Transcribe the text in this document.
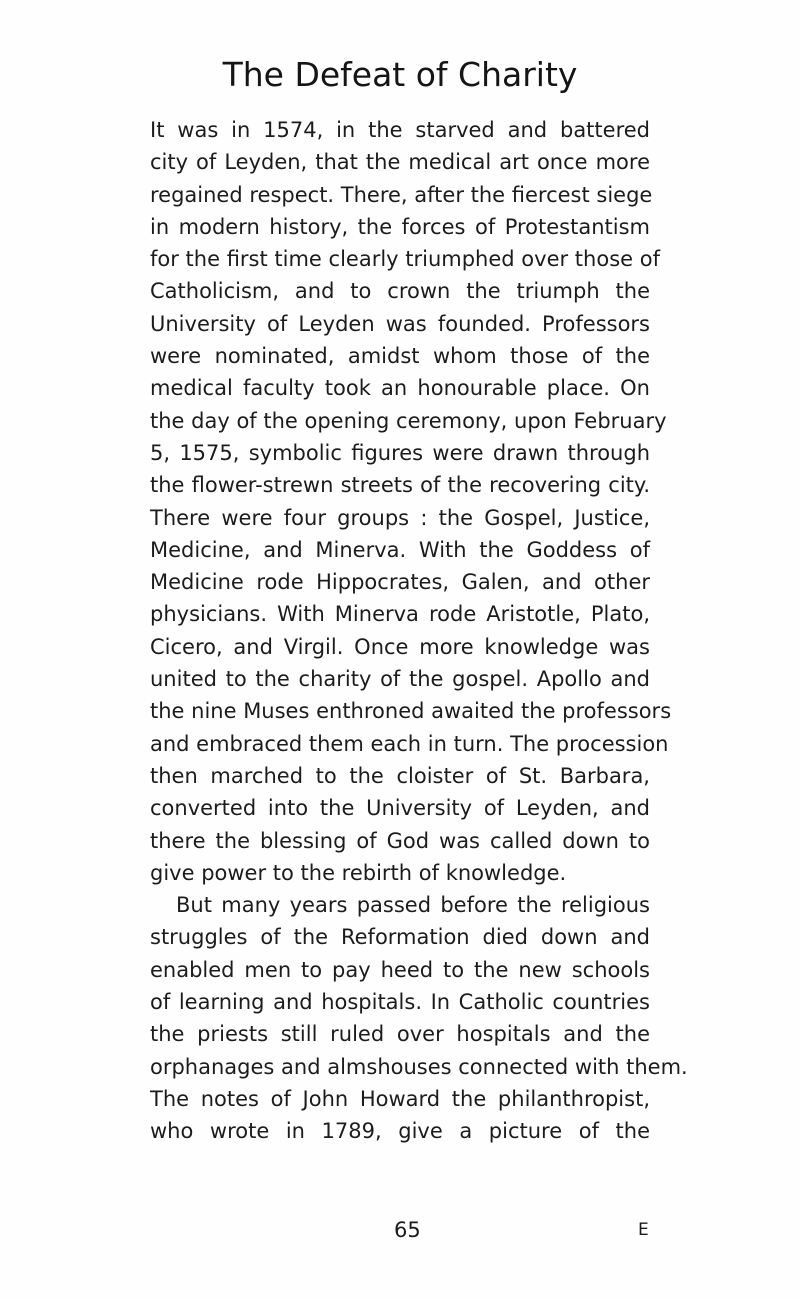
The Defeat of Charity
It was in 1574, in the starved and battered
city of Leyden, that the medical art once more
regained respect. There, after the fiercest siege
in modern history, the forces of Protestantism
for the first time clearly triumphed over those of
Catholicism, and to crown the triumph the
University of Leyden was founded. Professors
were nominated, amidst whom those of the
medical faculty took an honourable place. On
the day of the opening ceremony, upon February
5, 1575, symbolic figures were drawn through
the flower-strewn streets of the recovering city.
There were four groups : the Gospel, Justice,
Medicine, and Minerva. With the Goddess of
Medicine rode Hippocrates, Galen, and other
physicians. With Minerva rode Aristotle, Plato,
Cicero, and Virgil. Once more knowledge was
united to the charity of the gospel. Apollo and
the nine Muses enthroned awaited the professors
and embraced them each in turn. The procession
then marched to the cloister of St. Barbara,
converted into the University of Leyden, and
there the blessing of God was called down to
give power to the rebirth of knowledge.
But many years passed before the religious
struggles of the Reformation died down and
enabled men to pay heed to the new schools
of learning and hospitals. In Catholic countries
the priests still ruled over hospitals and the
orphanages and almshouses connected with them.
The notes of John Howard the philanthropist,
who wrote in 1789, give a picture of the
65	E
